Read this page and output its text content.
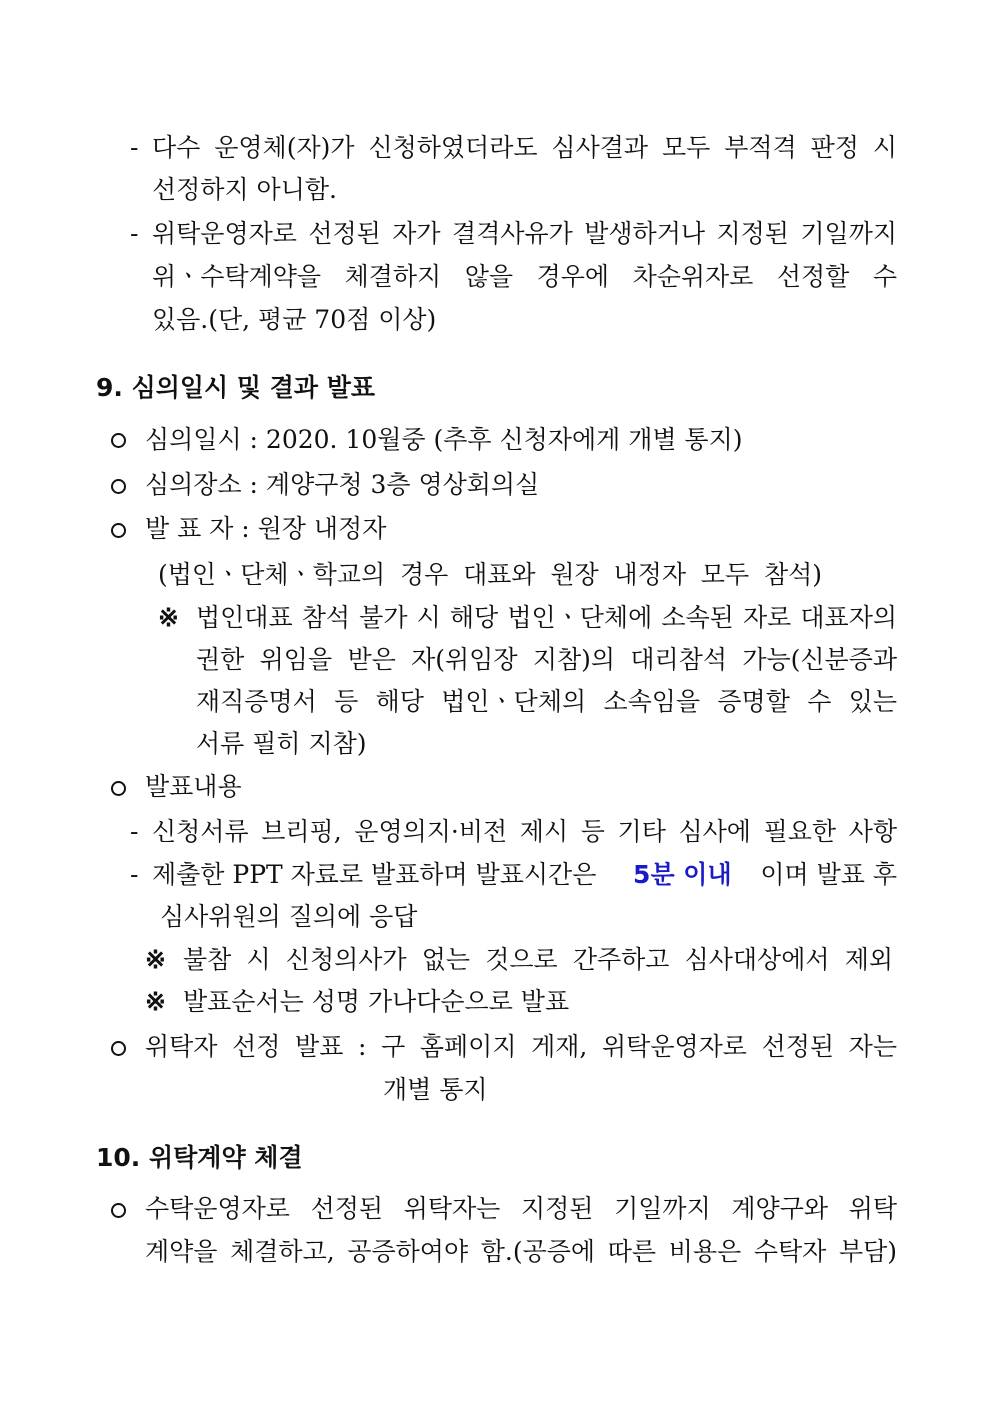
- 다수 운영체(자)가 신청하였더라도 심사결과 모두 부적격 판정 시
선정하지 아니함.
- 위탁운영자로 선정된 자가 결격사유가 발생하거나 지정된 기일까지
위ㆍ수탁계약을 체결하지 않을 경우에 차순위자로 선정할 수
있음.(단, 평균 70점 이상)
9. 심의일시 및 결과 발표
심의일시 : 2020. 10월중 (추후 신청자에게 개별 통지)
심의장소 : 계양구청 3층 영상회의실
발 표 자 : 원장 내정자
(법인ㆍ단체ㆍ학교의 경우 대표와 원장 내정자 모두 참석)
※ 법인대표 참석 불가 시 해당 법인ㆍ단체에 소속된 자로 대표자의
권한 위임을 받은 자(위임장 지참)의 대리참석 가능(신분증과
재직증명서 등 해당 법인ㆍ단체의 소속임을 증명할 수 있는
서류 필히 지참)
발표내용
- 신청서류 브리핑, 운영의지·비전 제시 등 기타 심사에 필요한 사항
- 제출한 PPT 자료로 발표하며 발표시간은 5분 이내 이며 발표 후
심사위원의 질의에 응답
※ 불참 시 신청의사가 없는 것으로 간주하고 심사대상에서 제외
※ 발표순서는 성명 가나다순으로 발표
위탁자 선정 발표 : 구 홈페이지 게재, 위탁운영자로 선정된 자는
개별 통지
10. 위탁계약 체결
수탁운영자로 선정된 위탁자는 지정된 기일까지 계양구와 위탁
계약을 체결하고, 공증하여야 함.(공증에 따른 비용은 수탁자 부담)
